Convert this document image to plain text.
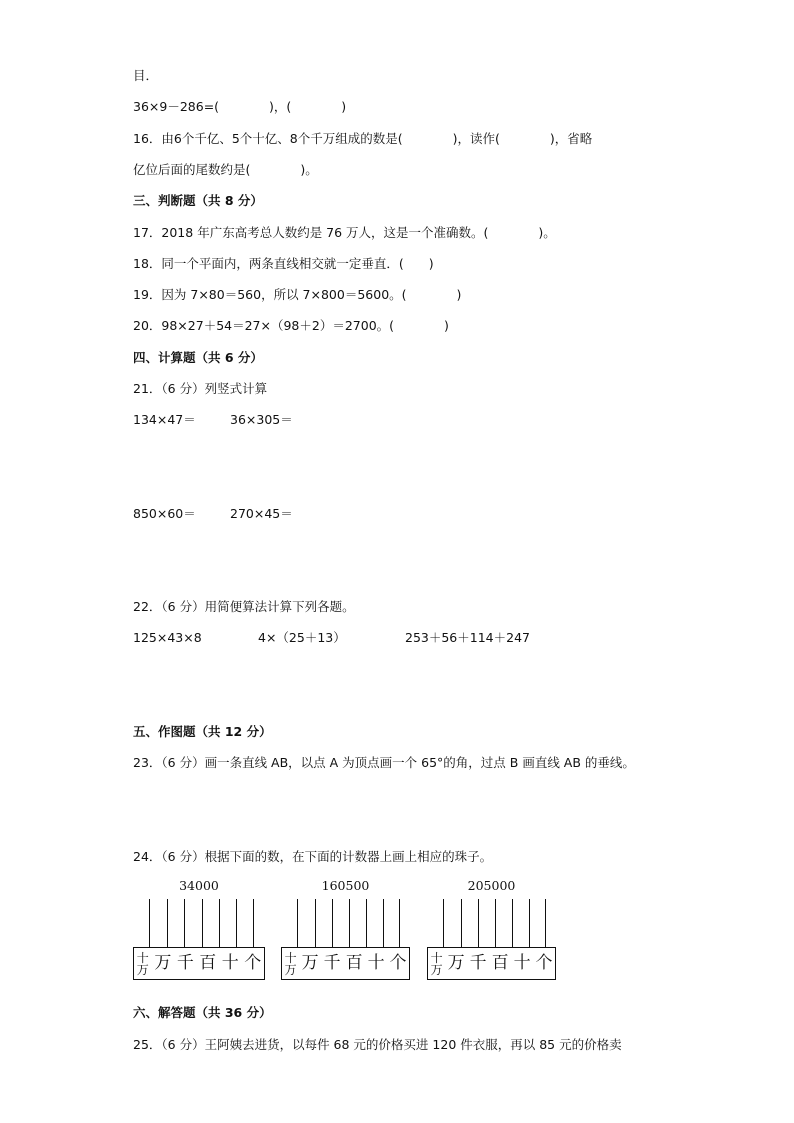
目．
36×9－286=(　　　　)，(　　　　)
16．由6个千亿、5个十亿、8个千万组成的数是(　　　　)，读作(　　　　)，省略
亿位后面的尾数约是(　　　　)。
三、判断题（共 8 分）
17．2018 年广东高考总人数约是 76 万人，这是一个准确数。(　　　　)。
18．同一个平面内，两条直线相交就一定垂直．(　　)
19．因为 7×80＝560，所以 7×800＝5600。(　　　　)
20．98×27＋54＝27×（98＋2）＝2700。(　　　　)
四、计算题（共 6 分）
21．（6 分）列竖式计算
134×47＝	36×305＝
850×60＝	270×45＝
22．（6 分）用简便算法计算下列各题。
125×43×8	4×（25＋13）	253＋56＋114＋247
五、作图题（共 12 分）
23．（6 分）画一条直线 AB，以点 A 为顶点画一个 65°的角，过点 B 画直线 AB 的垂线。
24．（6 分）根据下面的数，在下面的计数器上画上相应的珠子。
34000
十
万 万 千 百 十 个
160500
十
万 万 千 百 十 个
205000
十
万 万 千 百 十 个
六、解答题（共 36 分）
25．（6 分）王阿姨去进货，以每件 68 元的价格买进 120 件衣服，再以 85 元的价格卖
